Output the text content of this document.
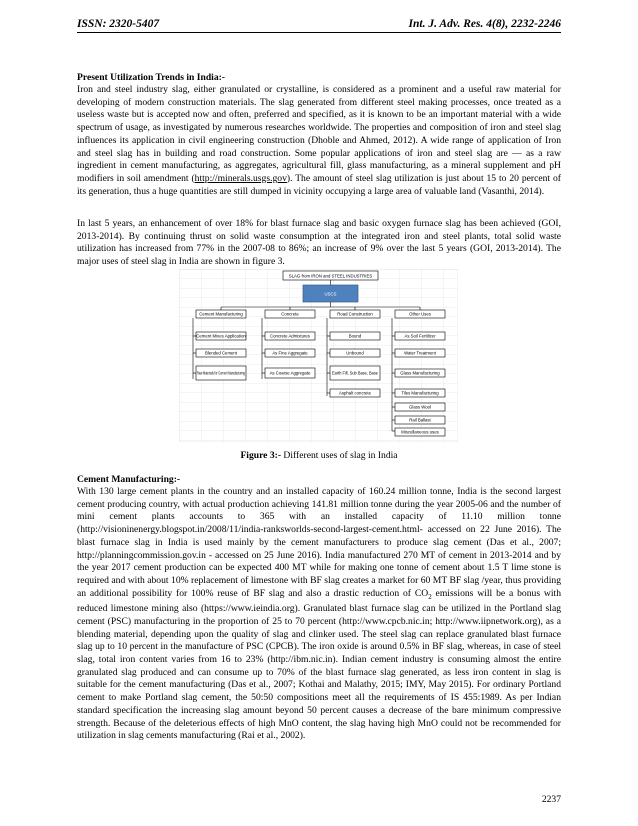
ISSN: 2320-5407	Int. J. Adv. Res. 4(8), 2232-2246

Present Utilization Trends in India:-

Iron and steel industry slag, either granulated or crystalline, is considered as a prominent and a useful raw material for developing of modern construction materials. The slag generated from different steel making processes, once treated as a useless waste but is accepted now and often, preferred and specified, as it is known to be an important material with a wide spectrum of usage, as investigated by numerous researches worldwide. The properties and composition of iron and steel slag influences its application in civil engineering construction (Dhoble and Ahmed, 2012). A wide range of application of Iron and steel slag has in building and road construction. Some popular applications of iron and steel slag are — as a raw ingredient in cement manufacturing, as aggregates, agricultural fill, glass manufacturing, as a mineral supplement and pH modifiers in soil amendment (http://minerals.usgs.gov). The amount of steel slag utilization is just about 15 to 20 percent of its generation, thus a huge quantities are still dumped in vicinity occupying a large area of valuable land (Vasanthi, 2014).

In last 5 years, an enhancement of over 18% for blast furnace slag and basic oxygen furnace slag has been achieved (GOI, 2013-2014). By continuing thrust on solid waste consumption at the integrated iron and steel plants, total solid waste utilization has increased from 77% in the 2007-08 to 86%; an increase of 9% over the last 5 years (GOI, 2013-2014). The major uses of steel slag in India are shown in figure 3.

SLAG from IRON and STEEL INDUSTRIES
USCS
Cement Manufacturing	Concrete	Road Construction	Other Uses
Cement Mixes Application
Blended Cement
Raw Materials for Cement Manufacturing
Concrete Admixtures
As Fine Aggregate
As Coarse Aggregate
Bound
Unbound
Earth Fill, Sub Base, Base
Asphalt concrete
As Soil Fertilizer
Water Treatment
Glass Manufacturing
Tiles Manufacturing
Glass Wool
Rail Ballast
Miscellaneous uses
Figure 3:- Different uses of slag in India

Cement Manufacturing:-

With 130 large cement plants in the country and an installed capacity of 160.24 million tonne, India is the second largest cement producing country, with actual production achieving 141.81 million tonne during the year 2005-06 and the number of mini cement plants accounts to 365 with an installed capacity of 11.10 million tonne (http://visioninenergy.blogspot.in/2008/11/india-ranksworlds-second-largest-cement.html- accessed on 22 June 2016). The blast furnace slag in India is used mainly by the cement manufacturers to produce slag cement (Das et al., 2007; http://planningcommission.gov.in - accessed on 25 June 2016). India manufactured 270 MT of cement in 2013-2014 and by the year 2017 cement production can be expected 400 MT while for making one tonne of cement about 1.5 T lime stone is required and with about 10% replacement of limestone with BF slag creates a market for 60 MT BF slag /year, thus providing an additional possibility for 100% reuse of BF slag and also a drastic reduction of $CO_2$ emissions will be a bonus with reduced limestone mining also (https://www.ieindia.org). Granulated blast furnace slag can be utilized in the Portland slag cement (PSC) manufacturing in the proportion of 25 to 70 percent (http://www.cpcb.nic.in; http://www.iipnetwork.org), as a blending material, depending upon the quality of slag and clinker used. The steel slag can replace granulated blast furnace slag up to 10 percent in the manufacture of PSC (CPCB). The iron oxide is around 0.5% in BF slag, whereas, in case of steel slag, total iron content varies from 16 to 23% (http://ibm.nic.in). Indian cement industry is consuming almost the entire granulated slag produced and can consume up to 70% of the blast furnace slag generated, as less iron content in slag is suitable for the cement manufacturing (Das et al., 2007; Kothai and Malathy, 2015; IMY, May 2015). For ordinary Portland cement to make Portland slag cement, the 50:50 compositions meet all the requirements of IS 455:1989. As per Indian standard specification the increasing slag amount beyond 50 percent causes a decrease of the bare minimum compressive strength. Because of the deleterious effects of high MnO content, the slag having high MnO could not be recommended for utilization in slag cements manufacturing (Rai et al., 2002).

2237
